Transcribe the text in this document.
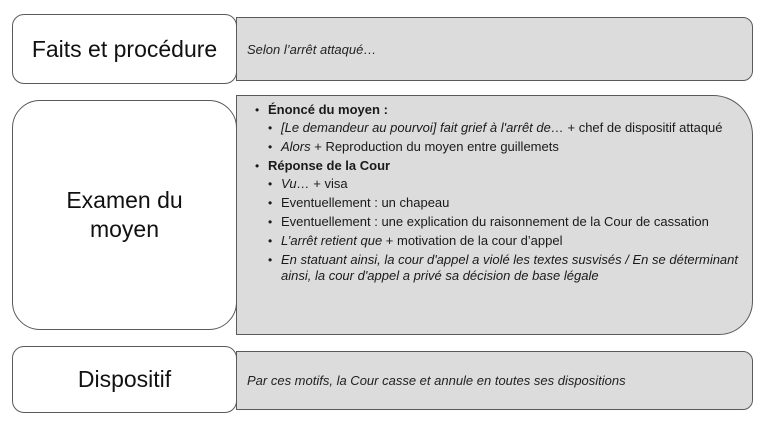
Faits et procédure Selon l’arrêt attaqué…
Examen du moyen
• Énoncé du moyen :
• [Le demandeur au pourvoi] fait grief à l'arrêt de… + chef de dispositif attaqué
• Alors + Reproduction du moyen entre guillemets
• Réponse de la Cour
• Vu… + visa
• Eventuellement : un chapeau
• Eventuellement : une explication du raisonnement de la Cour de cassation
• L’arrêt retient que + motivation de la cour d’appel
• En statuant ainsi, la cour d'appel a violé les textes susvisés / En se déterminant ainsi, la cour d'appel a privé sa décision de base légale
Dispositif	Par ces motifs, la Cour casse et annule en toutes ses dispositions
